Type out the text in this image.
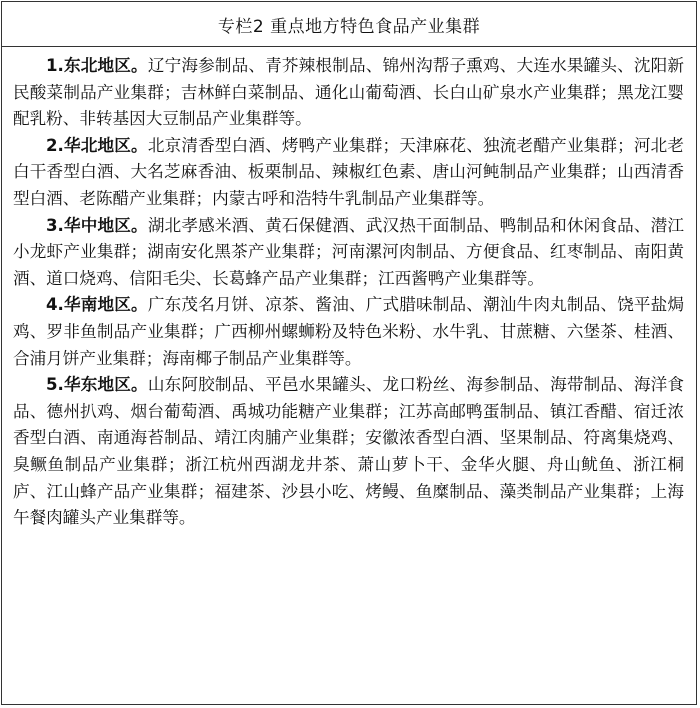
专栏2 重点地方特色食品产业集群

1.东北地区。辽宁海参制品、青芥辣根制品、锦州沟帮子熏鸡、大连水果罐头、沈阳新民酸菜制品产业集群；吉林鲜白菜制品、通化山葡萄酒、长白山矿泉水产业集群；黑龙江婴配乳粉、非转基因大豆制品产业集群等。

2.华北地区。北京清香型白酒、烤鸭产业集群；天津麻花、独流老醋产业集群；河北老白干香型白酒、大名芝麻香油、板栗制品、辣椒红色素、唐山河鲀制品产业集群；山西清香型白酒、老陈醋产业集群；内蒙古呼和浩特牛乳制品产业集群等。

3.华中地区。湖北孝感米酒、黄石保健酒、武汉热干面制品、鸭制品和休闲食品、潜江小龙虾产业集群；湖南安化黑茶产业集群；河南漯河肉制品、方便食品、红枣制品、南阳黄酒、道口烧鸡、信阳毛尖、长葛蜂产品产业集群；江西酱鸭产业集群等。

4.华南地区。广东茂名月饼、凉茶、酱油、广式腊味制品、潮汕牛肉丸制品、饶平盐焗鸡、罗非鱼制品产业集群；广西柳州螺蛳粉及特色米粉、水牛乳、甘蔗糖、六堡茶、桂酒、合浦月饼产业集群；海南椰子制品产业集群等。

5.华东地区。山东阿胶制品、平邑水果罐头、龙口粉丝、海参制品、海带制品、海洋食品、德州扒鸡、烟台葡萄酒、禹城功能糖产业集群；江苏高邮鸭蛋制品、镇江香醋、宿迁浓香型白酒、南通海苔制品、靖江肉脯产业集群；安徽浓香型白酒、坚果制品、符离集烧鸡、臭鳜鱼制品产业集群；浙江杭州西湖龙井茶、萧山萝卜干、金华火腿、舟山鱿鱼、浙江桐庐、江山蜂产品产业集群；福建茶、沙县小吃、烤鳗、鱼糜制品、藻类制品产业集群；上海午餐肉罐头产业集群等。
